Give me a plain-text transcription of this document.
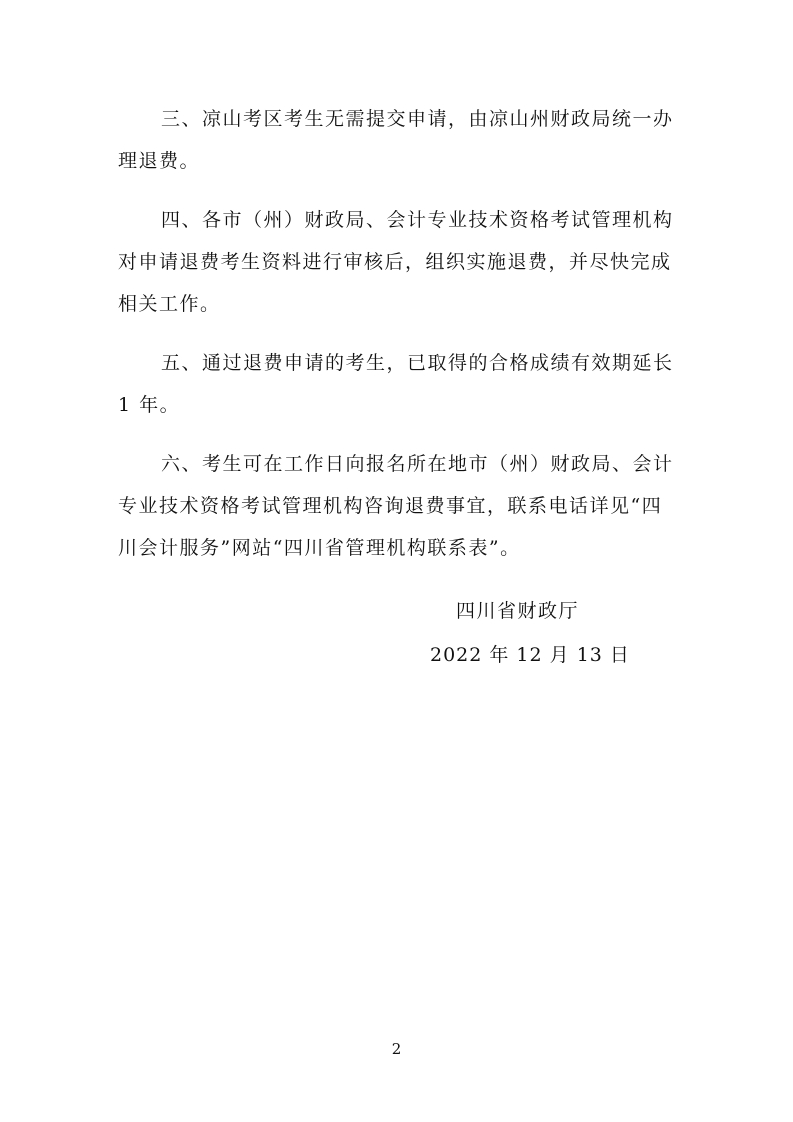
三、凉山考区考生无需提交申请，由凉山州财政局统一办
理退费。

四、各市（州）财政局、会计专业技术资格考试管理机构
对申请退费考生资料进行审核后，组织实施退费，并尽快完成
相关工作。

五、通过退费申请的考生，已取得的合格成绩有效期延长
1 年。

六、考生可在工作日向报名所在地市（州）财政局、会计
专业技术资格考试管理机构咨询退费事宜，联系电话详见“四
川会计服务”网站“四川省管理机构联系表”。

四川省财政厅
2022 年 12 月 13 日
2
